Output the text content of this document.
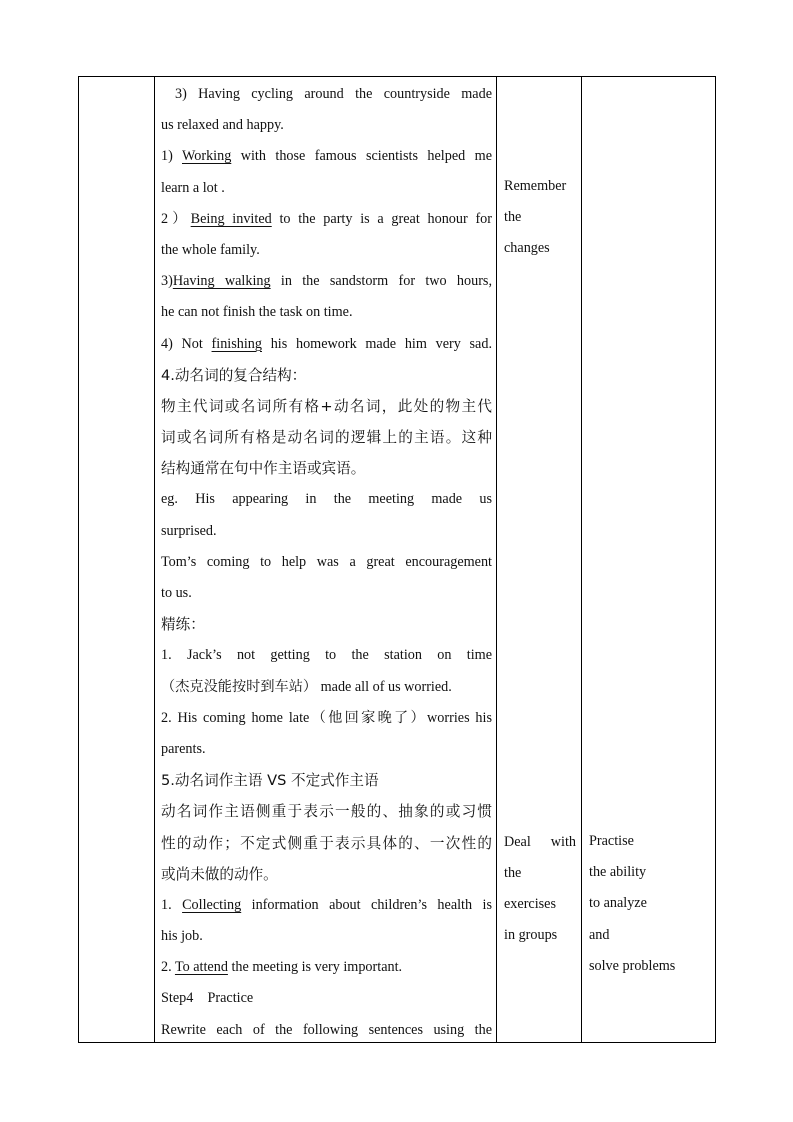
3) Having cycling around the countryside made
us relaxed and happy.
1) Working with those famous scientists helped me
learn a lot .
2）Being invited to the party is a great honour for
the whole family.
3)Having walking in the sandstorm for two hours,
he can not finish the task on time.
4) Not finishing his homework made him very sad.
4.动名词的复合结构：
物主代词或名词所有格+动名词，此处的物主代
词或名词所有格是动名词的逻辑上的主语。这种
结构通常在句中作主语或宾语。
eg. His appearing in the meeting made us
surprised.
Tom’s coming to help was a great encouragement
to us.
精练：
1. Jack’s not getting to the station on time
（杰克没能按时到车站） made all of us worried.
2. His coming home late（他回家晚了）worries his
parents.
5.动名词作主语 VS 不定式作主语
动名词作主语侧重于表示一般的、抽象的或习惯
性的动作；不定式侧重于表示具体的、一次性的
或尚未做的动作。
1. Collecting information about children’s health is
his job.
2. To attend the meeting is very important.
Step4    Practice
Rewrite each of the following sentences using the
Remember
the
changes
Deal with
the
exercises
in groups
Practise
the ability
to analyze
and
solve problems
